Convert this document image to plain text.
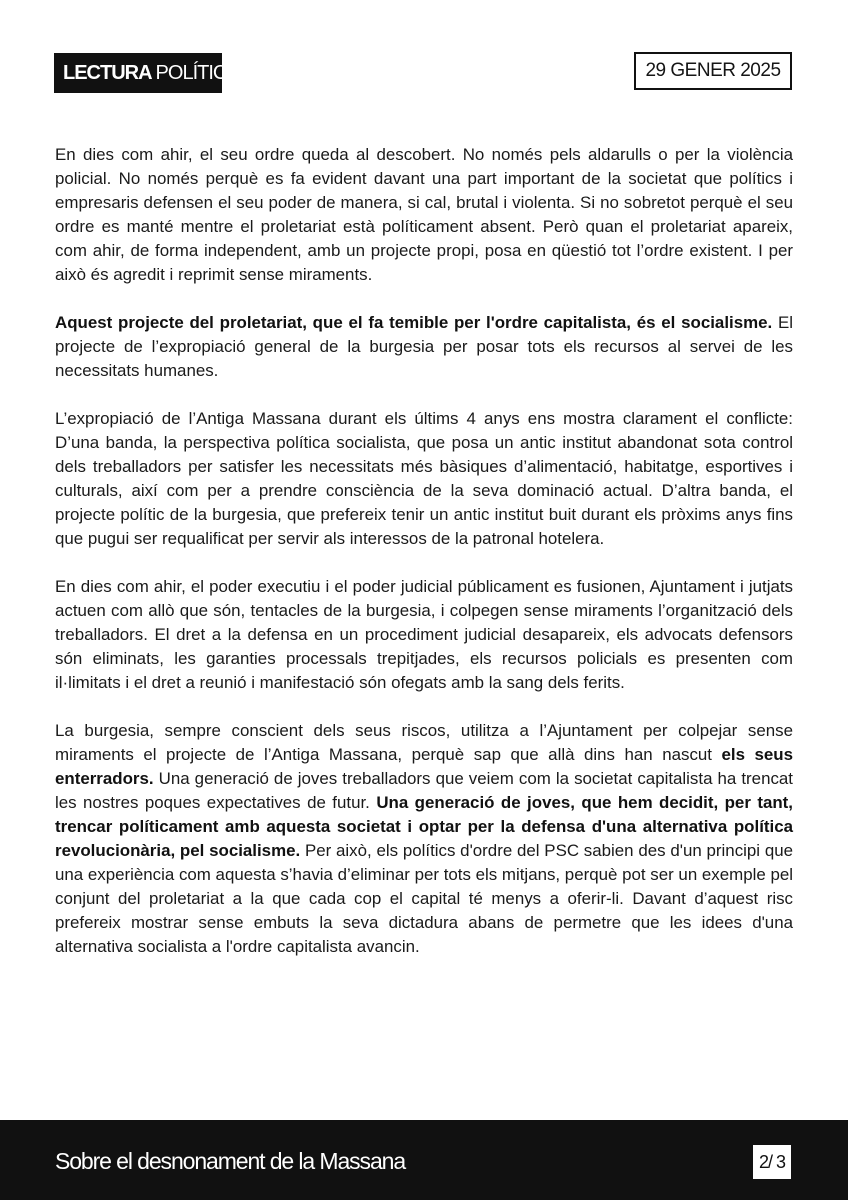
LECTURA POLÍTICA	29 GENER 2025

En dies com ahir, el seu ordre queda al descobert. No només pels aldarulls o per la violència policial. No només perquè es fa evident davant una part important de la societat que polítics i empresaris defensen el seu poder de manera, si cal, brutal i violenta. Si no sobretot perquè el seu ordre es manté mentre el proletariat està políticament absent. Però quan el proletariat apareix, com ahir, de forma independent, amb un projecte propi, posa en qüestió tot l’ordre existent. I per això és agredit i reprimit sense miraments.

Aquest projecte del proletariat, que el fa temible per l'ordre capitalista, és el socialisme. El projecte de l’expropiació general de la burgesia per posar tots els recursos al servei de les necessitats humanes.

L’expropiació de l’Antiga Massana durant els últims 4 anys ens mostra clarament el conflicte: D’una banda, la perspectiva política socialista, que posa un antic institut abandonat sota control dels treballadors per satisfer les necessitats més bàsiques d’alimentació, habitatge, esportives i culturals, així com per a prendre consciència de la seva dominació actual. D’altra banda, el projecte polític de la burgesia, que prefereix tenir un antic institut buit durant els pròxims anys fins que pugui ser requalificat per servir als interessos de la patronal hotelera.

En dies com ahir, el poder executiu i el poder judicial públicament es fusionen, Ajuntament i jutjats actuen com allò que són, tentacles de la burgesia, i colpegen sense miraments l’organització dels treballadors. El dret a la defensa en un procediment judicial desapareix, els advocats defensors són eliminats, les garanties processals trepitjades, els recursos policials es presenten com il·limitats i el dret a reunió i manifestació són ofegats amb la sang dels ferits.

La burgesia, sempre conscient dels seus riscos, utilitza a l’Ajuntament per colpejar sense miraments el projecte de l’Antiga Massana, perquè sap que allà dins han nascut els seus enterradors. Una generació de joves treballadors que veiem com la societat capitalista ha trencat les nostres poques expectatives de futur. Una generació de joves, que hem decidit, per tant, trencar políticament amb aquesta societat i optar per la defensa d'una alternativa política revolucionària, pel socialisme. Per això, els polítics d'ordre del PSC sabien des d'un principi que una experiència com aquesta s’havia d’eliminar per tots els mitjans, perquè pot ser un exemple pel conjunt del proletariat a la que cada cop el capital té menys a oferir-li. Davant d’aquest risc prefereix mostrar sense embuts la seva dictadura abans de permetre que les idees d'una alternativa socialista a l'ordre capitalista avancin.

Sobre el desnonament de la Massana	2/ 3
